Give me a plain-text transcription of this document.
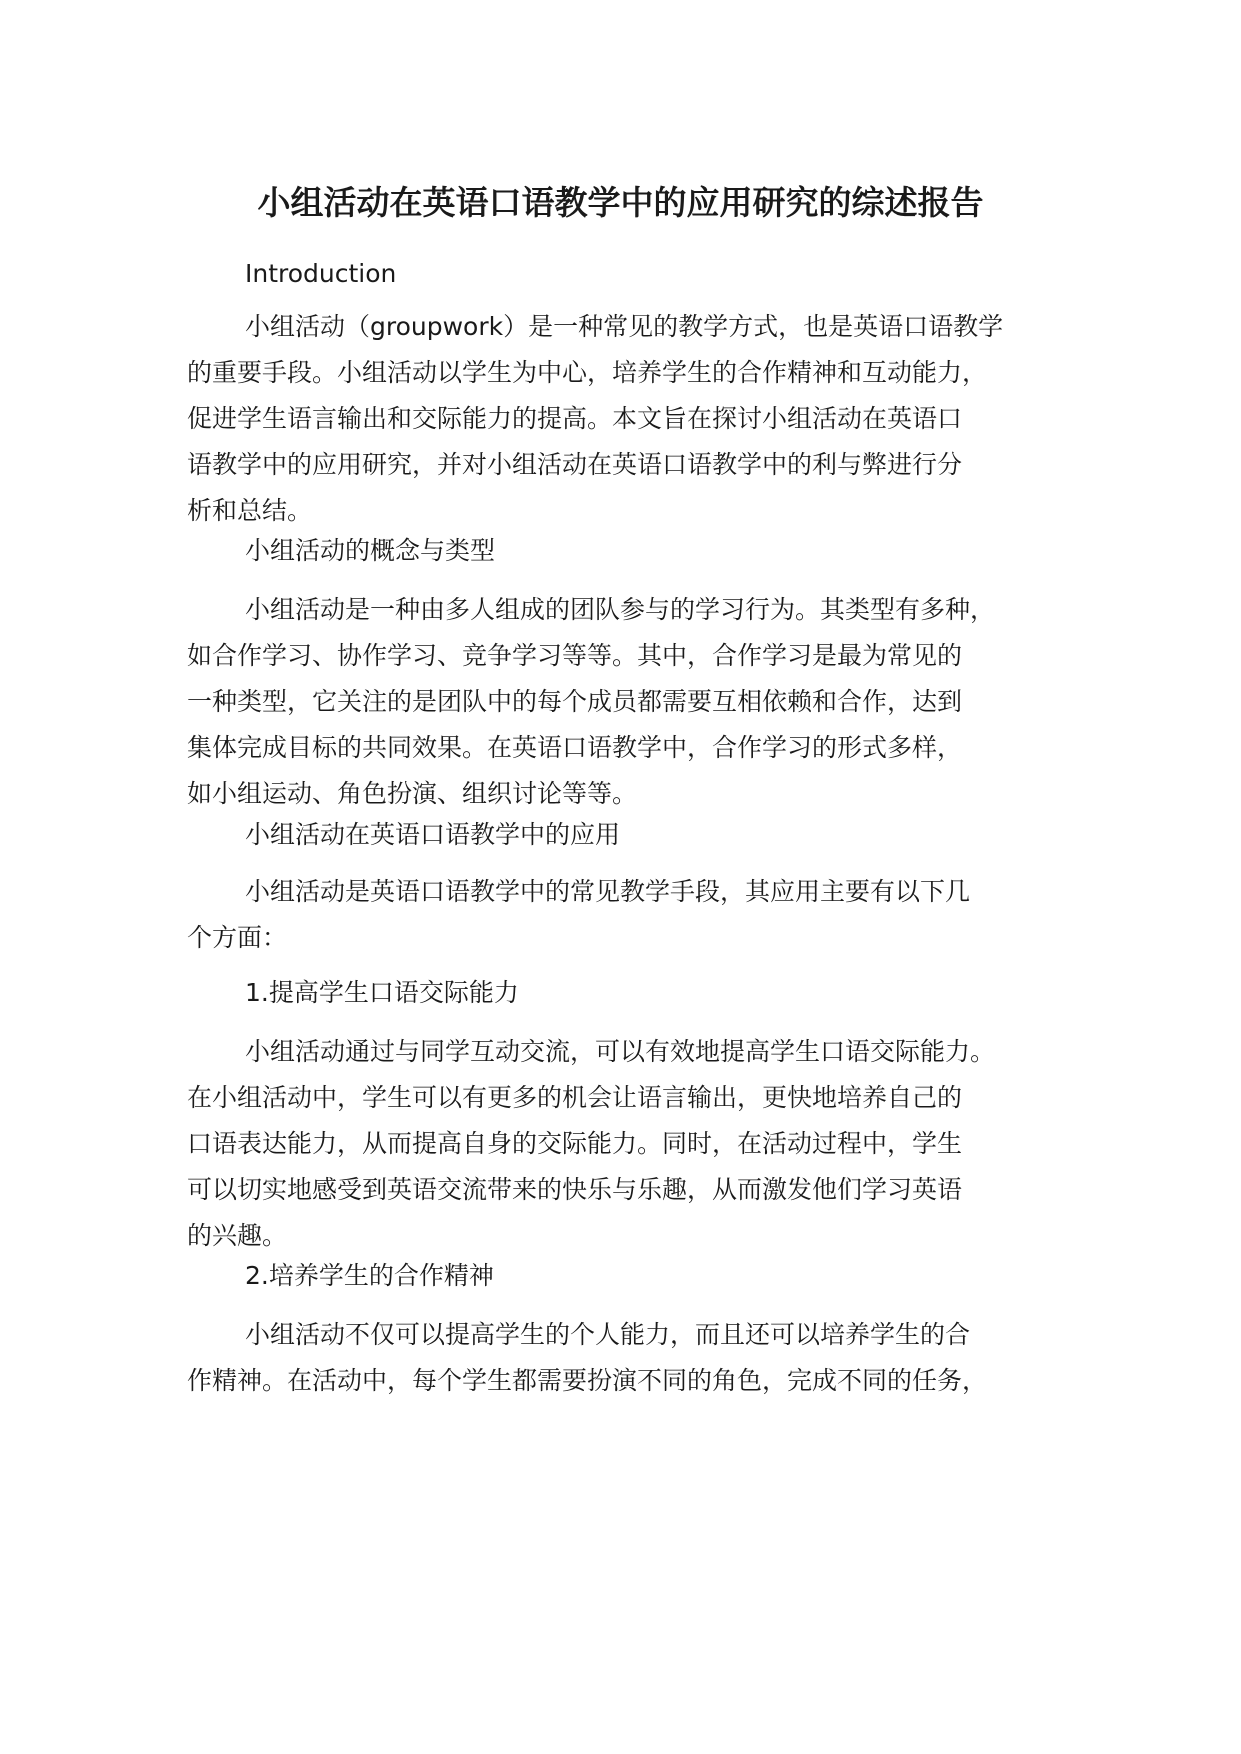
小组活动在英语口语教学中的应用研究的综述报告

Introduction

小组活动（groupwork）是一种常见的教学方式，也是英语口语教学
的重要手段。小组活动以学生为中心，培养学生的合作精神和互动能力，
促进学生语言输出和交际能力的提高。本文旨在探讨小组活动在英语口
语教学中的应用研究，并对小组活动在英语口语教学中的利与弊进行分
析和总结。

小组活动的概念与类型

小组活动是一种由多人组成的团队参与的学习行为。其类型有多种，
如合作学习、协作学习、竞争学习等等。其中，合作学习是最为常见的
一种类型，它关注的是团队中的每个成员都需要互相依赖和合作，达到
集体完成目标的共同效果。在英语口语教学中，合作学习的形式多样，
如小组运动、角色扮演、组织讨论等等。

小组活动在英语口语教学中的应用

小组活动是英语口语教学中的常见教学手段，其应用主要有以下几
个方面：

1.提高学生口语交际能力

小组活动通过与同学互动交流，可以有效地提高学生口语交际能力。
在小组活动中，学生可以有更多的机会让语言输出，更快地培养自己的
口语表达能力，从而提高自身的交际能力。同时，在活动过程中，学生
可以切实地感受到英语交流带来的快乐与乐趣，从而激发他们学习英语
的兴趣。

2.培养学生的合作精神

小组活动不仅可以提高学生的个人能力，而且还可以培养学生的合
作精神。在活动中，每个学生都需要扮演不同的角色，完成不同的任务，
